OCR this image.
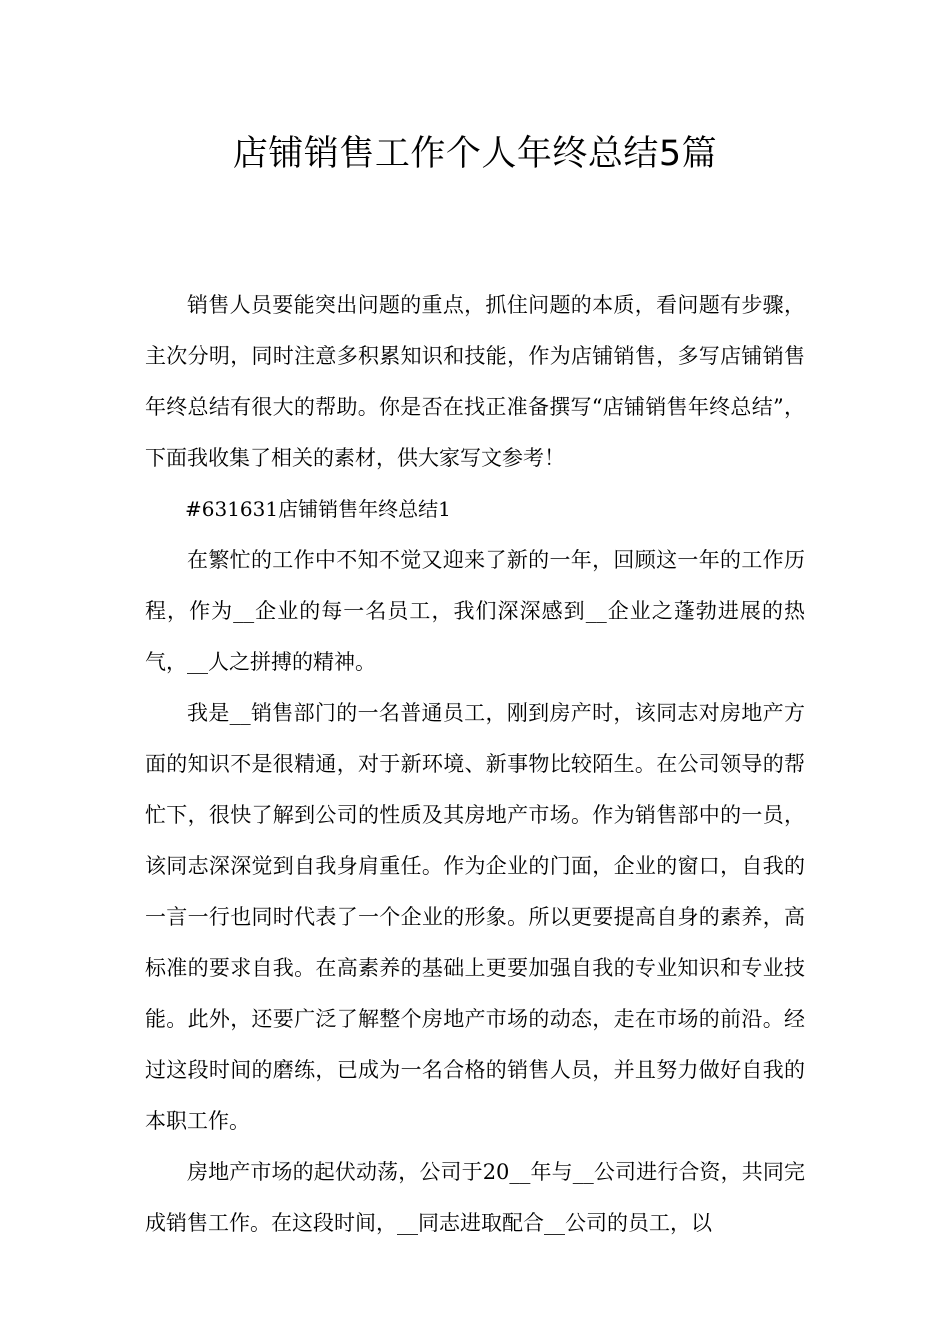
店铺销售工作个人年终总结5篇

销售人员要能突出问题的重点，抓住问题的本质，看问题有步骤，主次分明，同时注意多积累知识和技能，作为店铺销售，多写店铺销售年终总结有很大的帮助。你是否在找正准备撰写“店铺销售年终总结”，下面我收集了相关的素材，供大家写文参考！

#631631店铺销售年终总结1

在繁忙的工作中不知不觉又迎来了新的一年，回顾这一年的工作历程，作为__企业的每一名员工，我们深深感到__企业之蓬勃进展的热气，__人之拼搏的精神。

我是__销售部门的一名普通员工，刚到房产时，该同志对房地产方面的知识不是很精通，对于新环境、新事物比较陌生。在公司领导的帮忙下，很快了解到公司的性质及其房地产市场。作为销售部中的一员，该同志深深觉到自我身肩重任。作为企业的门面，企业的窗口，自我的一言一行也同时代表了一个企业的形象。所以更要提高自身的素养，高标准的要求自我。在高素养的基础上更要加强自我的专业知识和专业技能。此外，还要广泛了解整个房地产市场的动态，走在市场的前沿。经过这段时间的磨练，已成为一名合格的销售人员，并且努力做好自我的本职工作。

房地产市场的起伏动荡，公司于20__年与__公司进行合资，共同完成销售工作。在这段时间，__同志进取配合__公司的员工，以
